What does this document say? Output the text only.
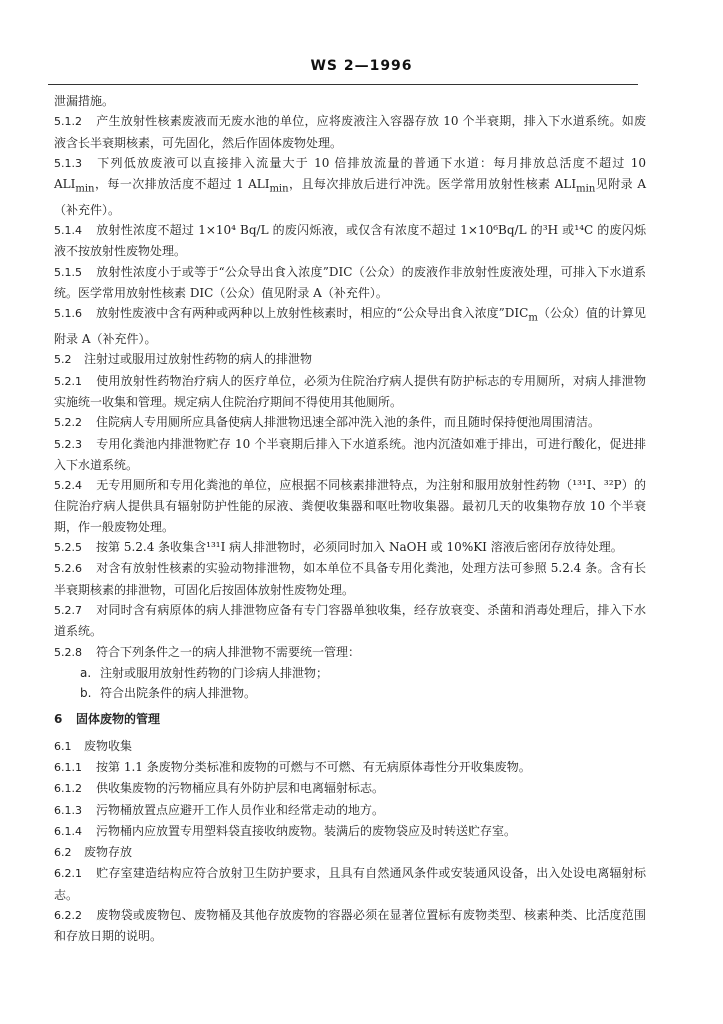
WS 2—1996

泄漏措施。

5.1.2 产生放射性核素废液而无废水池的单位，应将废液注入容器存放 10 个半衰期，排入下水道系统。如废液含长半衰期核素，可先固化，然后作固体废物处理。

5.1.3 下列低放废液可以直接排入流量大于 10 倍排放流量的普通下水道：每月排放总活度不超过 10 $ALI_{min}$，每一次排放活度不超过 1 $ALI_{min}$，且每次排放后进行冲洗。医学常用放射性核素 $ALI_{min}$见附录 A（补充件）。

5.1.4 放射性浓度不超过 1×10⁴ Bq/L 的废闪烁液，或仅含有浓度不超过 1×10⁶Bq/L 的³H 或¹⁴C 的废闪烁液不按放射性废物处理。

5.1.5 放射性浓度小于或等于“公众导出食入浓度”DIC（公众）的废液作非放射性废液处理，可排入下水道系统。医学常用放射性核素 DIC（公众）值见附录 A（补充件）。

5.1.6 放射性废液中含有两种或两种以上放射性核素时，相应的“公众导出食入浓度$”DIC_m$（公众）值的计算见附录 A（补充件）。

5.2 注射过或服用过放射性药物的病人的排泄物

5.2.1 使用放射性药物治疗病人的医疗单位，必须为住院治疗病人提供有防护标志的专用厕所，对病人排泄物实施统一收集和管理。规定病人住院治疗期间不得使用其他厕所。

5.2.2 住院病人专用厕所应具备使病人排泄物迅速全部冲洗入池的条件，而且随时保持便池周围清洁。

5.2.3 专用化粪池内排泄物贮存 10 个半衰期后排入下水道系统。池内沉渣如难于排出，可进行酸化，促进排入下水道系统。

5.2.4 无专用厕所和专用化粪池的单位，应根据不同核素排泄特点，为注射和服用放射性药物（¹³¹I、³²P）的住院治疗病人提供具有辐射防护性能的尿液、粪便收集器和呕吐物收集器。最初几天的收集物存放 10 个半衰期，作一般废物处理。

5.2.5 按第 5.2.4 条收集含¹³¹I 病人排泄物时，必须同时加入 NaOH 或 10%KI 溶液后密闭存放待处理。

5.2.6 对含有放射性核素的实验动物排泄物，如本单位不具备专用化粪池，处理方法可参照 5.2.4 条。含有长半衰期核素的排泄物，可固化后按固体放射性废物处理。

5.2.7 对同时含有病原体的病人排泄物应备有专门容器单独收集，经存放衰变、杀菌和消毒处理后，排入下水道系统。

5.2.8 符合下列条件之一的病人排泄物不需要统一管理：

a. 注射或服用放射性药物的门诊病人排泄物；

b. 符合出院条件的病人排泄物。

6 固体废物的管理

6.1 废物收集

6.1.1 按第 1.1 条废物分类标准和废物的可燃与不可燃、有无病原体毒性分开收集废物。

6.1.2 供收集废物的污物桶应具有外防护层和电离辐射标志。

6.1.3 污物桶放置点应避开工作人员作业和经常走动的地方。

6.1.4 污物桶内应放置专用塑料袋直接收纳废物。装满后的废物袋应及时转送贮存室。

6.2 废物存放

6.2.1 贮存室建造结构应符合放射卫生防护要求，且具有自然通风条件或安装通风设备，出入处设电离辐射标志。

6.2.2 废物袋或废物包、废物桶及其他存放废物的容器必须在显著位置标有废物类型、核素种类、比活度范围和存放日期的说明。
